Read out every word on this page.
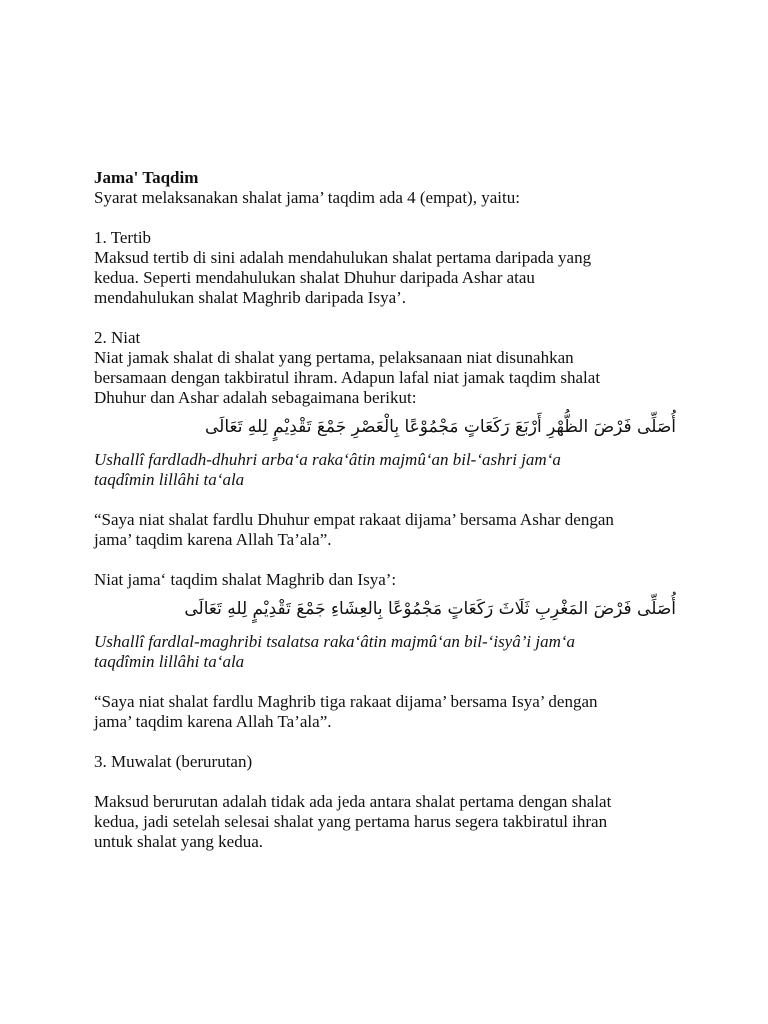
Jama' Taqdim
Syarat melaksanakan shalat jama’ taqdim ada 4 (empat), yaitu:
1. Tertib
Maksud tertib di sini adalah mendahulukan shalat pertama daripada yang
kedua. Seperti mendahulukan shalat Dhuhur daripada Ashar atau
mendahulukan shalat Maghrib daripada Isya’.
2. Niat
Niat jamak shalat di shalat yang pertama, pelaksanaan niat disunahkan
bersamaan dengan takbiratul ihram. Adapun lafal niat jamak taqdim shalat
Dhuhur dan Ashar adalah sebagaimana berikut:
أُصَلِّى فَرْضَ الظُّهْرِ أَرْبَعَ رَكَعَاتٍ مَجْمُوْعًا بِالْعَصْرِ جَمْعَ تَقْدِيْمٍ لِلهِ تَعَالَى
Ushallî fardladh-dhuhri arba‘a raka‘âtin majmû‘an bil-‘ashri jam‘a
taqdîmin lillâhi ta‘ala
“Saya niat shalat fardlu Dhuhur empat rakaat dijama’ bersama Ashar dengan
jama’ taqdim karena Allah Ta’ala”.
Niat jama‘ taqdim shalat Maghrib dan Isya’:
أُصَلِّى فَرْضَ المَغْرِبِ ثَلَاثَ رَكَعَاتٍ مَجْمُوْعًا بِالعِشَاءِ جَمْعَ تَقْدِيْمٍ لِلهِ تَعَالَى
Ushallî fardlal-maghribi tsalatsa raka‘âtin majmû‘an bil-‘isyâ’i jam‘a
taqdîmin lillâhi ta‘ala
“Saya niat shalat fardlu Maghrib tiga rakaat dijama’ bersama Isya’ dengan
jama’ taqdim karena Allah Ta’ala”.
3. Muwalat (berurutan)
Maksud berurutan adalah tidak ada jeda antara shalat pertama dengan shalat
kedua, jadi setelah selesai shalat yang pertama harus segera takbiratul ihran
untuk shalat yang kedua.
